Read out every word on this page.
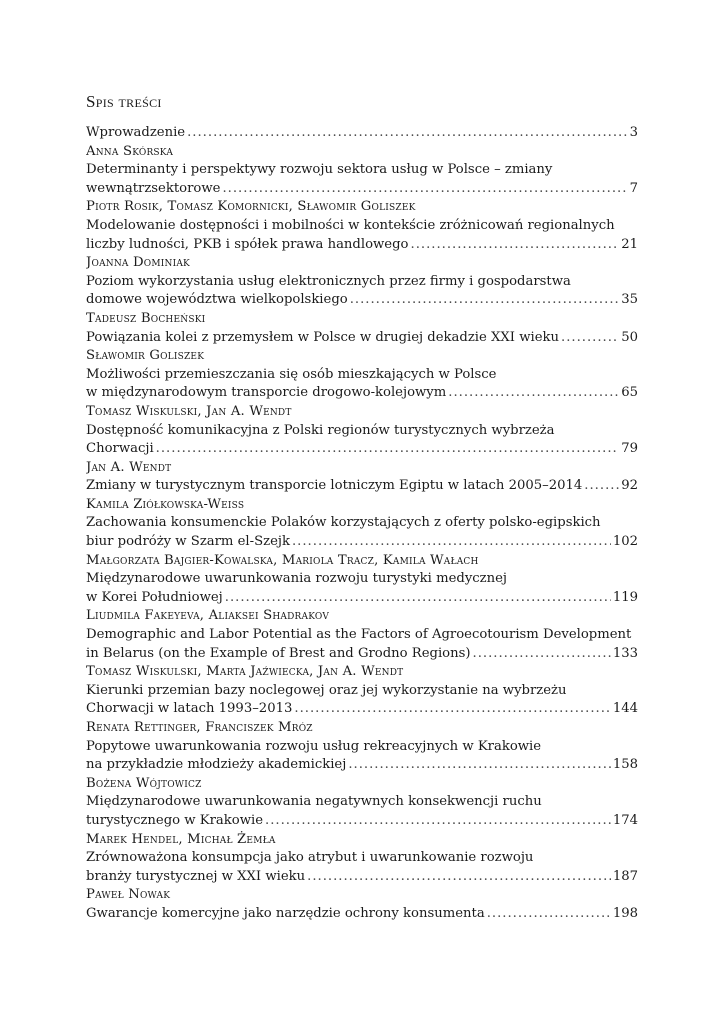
Spis treści
Wprowadzenie .....	3
Anna Skórska
Determinanty i perspektywy rozwoju sektora usług w Polsce – zmiany
wewnątrzsektorowe .....	7
Piotr Rosik, Tomasz Komornicki, Sławomir Goliszek
Modelowanie dostępności i mobilności w kontekście zróżnicowań regionalnych
liczby ludności, PKB i spółek prawa handlowego .....	21
Joanna Dominiak
Poziom wykorzystania usług elektronicznych przez firmy i gospodarstwa
domowe województwa wielkopolskiego .....	35
Tadeusz Bocheński
Powiązania kolei z przemysłem w Polsce w drugiej dekadzie XXI wieku .....	50
Sławomir Goliszek
Możliwości przemieszczania się osób mieszkających w Polsce
w międzynarodowym transporcie drogowo-kolejowym .....	65
Tomasz Wiskulski, Jan A. Wendt
Dostępność komunikacyjna z Polski regionów turystycznych wybrzeża
Chorwacji .....	79
Jan A. Wendt
Zmiany w turystycznym transporcie lotniczym Egiptu w latach 2005–2014 .....	92
Kamila Ziółkowska-Weiss
Zachowania konsumenckie Polaków korzystających z oferty polsko-egipskich
biur podróży w Szarm el-Szejk .....	102
Małgorzata Bajgier-Kowalska, Mariola Tracz, Kamila Wałach
Międzynarodowe uwarunkowania rozwoju turystyki medycznej
w Korei Południowej .....	119
Liudmila Fakeyeva, Aliaksei Shadrakov
Demographic and Labor Potential as the Factors of Agroecotourism Development
in Belarus (on the Example of Brest and Grodno Regions) .....	133
Tomasz Wiskulski, Marta Jaźwiecka, Jan A. Wendt
Kierunki przemian bazy noclegowej oraz jej wykorzystanie na wybrzeżu
Chorwacji w latach 1993–2013 .....	144
Renata Rettinger, Franciszek Mróz
Popytowe uwarunkowania rozwoju usług rekreacyjnych w Krakowie
na przykładzie młodzieży akademickiej .....	158
Bożena Wójtowicz
Międzynarodowe uwarunkowania negatywnych konsekwencji ruchu
turystycznego w Krakowie .....	174
Marek Hendel, Michał Żemła
Zrównoważona konsumpcja jako atrybut i uwarunkowanie rozwoju
branży turystycznej w XXI wieku .....	187
Paweł Nowak
Gwarancje komercyjne jako narzędzie ochrony konsumenta .....	198
